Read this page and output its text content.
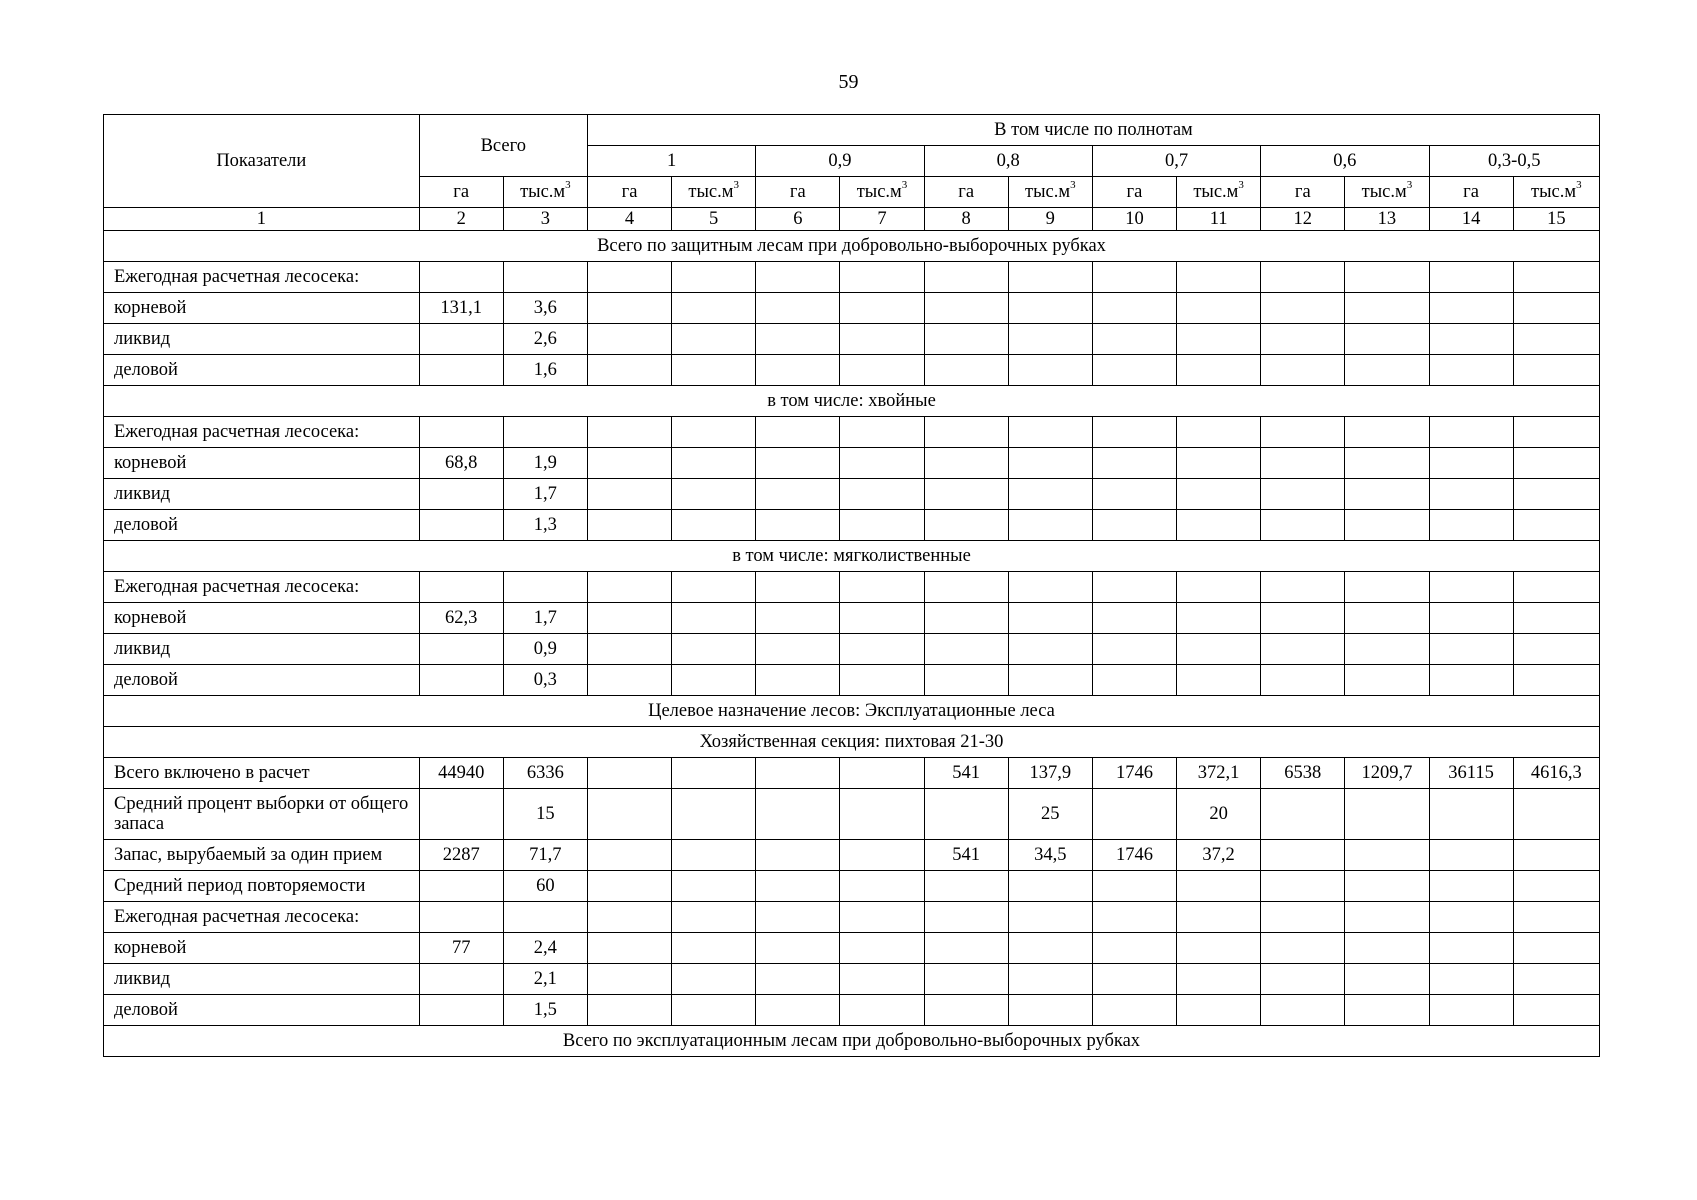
59
Показатели	Всего		В том числе по полнотам											
			1		0,9		0,8		0,7		0,6		0,3-0,5	
	га	$тыс.м^3$	га	$тыс.м^3$	га	$тыс.м^3$	га	$тыс.м^3$	га	$тыс.м^3$	га	$тыс.м^3$	га	$тыс.м^3$
1	2	3	4	5	6	7	8	9	10	11	12	13	14	15
Всего по защитным лесам при добровольно-выборочных рубках														
Ежегодная расчетная лесосека:														
корневой	131,1	3,6												
ликвид		2,6												
деловой		1,6												
в том числе: хвойные														
Ежегодная расчетная лесосека:														
корневой	68,8	1,9												
ликвид		1,7												
деловой		1,3												
в том числе: мягколиственные														
Ежегодная расчетная лесосека:														
корневой	62,3	1,7												
ликвид		0,9												
деловой		0,3												
Целевое назначение лесов: Эксплуатационные леса														
Хозяйственная секция: пихтовая 21-30														
Всего включено в расчет	44940	6336					541	137,9	1746	372,1	6538	1209,7	36115	4616,3
Средний процент выборки от общего запаса		15						25		20				
Запас, вырубаемый за один прием	2287	71,7					541	34,5	1746	37,2				
Средний период повторяемости		60												
Ежегодная расчетная лесосека:														
корневой	77	2,4												
ликвид		2,1												
деловой		1,5												
Всего по эксплуатационным лесам при добровольно-выборочных рубках														
